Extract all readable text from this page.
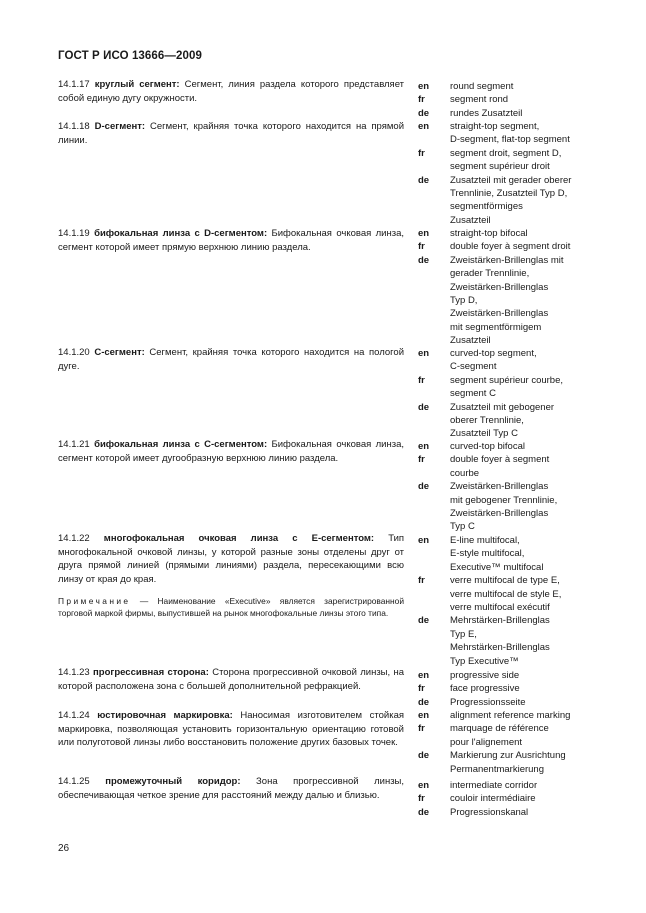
ГОСТ Р ИСО 13666—2009
14.1.17 круглый сегмент: Сегмент, линия раздела которого представляет собой единую дугу окружности.
en	round segment
fr	segment rond
de	rundes Zusatzteil
14.1.18 D-сегмент: Сегмент, крайняя точка которого находится на прямой линии.
en	straight-top segment,
D-segment, flat-top segment
fr	segment droit, segment D,
segment supérieur droit
de	Zusatzteil mit gerader oberer
Trennlinie, Zusatzteil Typ D,
segmentförmiges
Zusatzteil
14.1.19 бифокальная линза с D-сегментом: Бифокальная очковая линза, сегмент которой имеет прямую верхнюю линию раздела.
en	straight-top bifocal
fr	double foyer à segment droit
de	Zweistärken-Brillenglas mit
gerader Trennlinie,
Zweistärken-Brillenglas
Typ D,
Zweistärken-Brillenglas
mit segmentförmigem
Zusatzteil
14.1.20 C-сегмент: Сегмент, крайняя точка которого находится на пологой дуге.
en	curved-top segment,
C-segment
fr	segment supérieur courbe,
segment C
de	Zusatzteil mit gebogener
oberer Trennlinie,
Zusatzteil Typ C
14.1.21 бифокальная линза с C-сегментом: Бифокальная очковая линза, сегмент которой имеет дугообразную верхнюю линию раздела.
en	curved-top bifocal
fr	double foyer à segment
courbe
de	Zweistärken-Brillenglas
mit gebogener Trennlinie,
Zweistärken-Brillenglas
Typ C
14.1.22 многофокальная очковая линза с E-сегментом: Тип многофокальной очковой линзы, у которой разные зоны отделены друг от друга прямой линией (прямыми линиями) раздела, пересекающими всю линзу от края до края.
Примечание — Наименование «Executive» является зарегистрированной торговой маркой фирмы, выпустившей на рынок многофокальные линзы этого типа.
en	E-line multifocal,
E-style multifocal,
Executive™ multifocal
fr	verre multifocal de type E,
verre multifocal de style E,
verre multifocal exécutif
de	Mehrstärken-Brillenglas
Typ E,
Mehrstärken-Brillenglas
Typ Executive™
14.1.23 прогрессивная сторона: Сторона прогрессивной очковой линзы, на которой расположена зона с большей дополнительной рефракцией.
en	progressive side
fr	face progressive
de	Progressionsseite
14.1.24 юстировочная маркировка: Наносимая изготовителем стойкая маркировка, позволяющая установить горизонтальную ориентацию готовой или полуготовой линзы либо восстановить положение других базовых точек.
en	alignment reference marking
fr	marquage de référence
pour l'alignement
de	Markierung zur Ausrichtung
Permanentmarkierung
14.1.25 промежуточный коридор: Зона прогрессивной линзы, обеспечивающая четкое зрение для расстояний между далью и близью.
en	intermediate corridor
fr	couloir intermédiaire
de	Progressionskanal
26
